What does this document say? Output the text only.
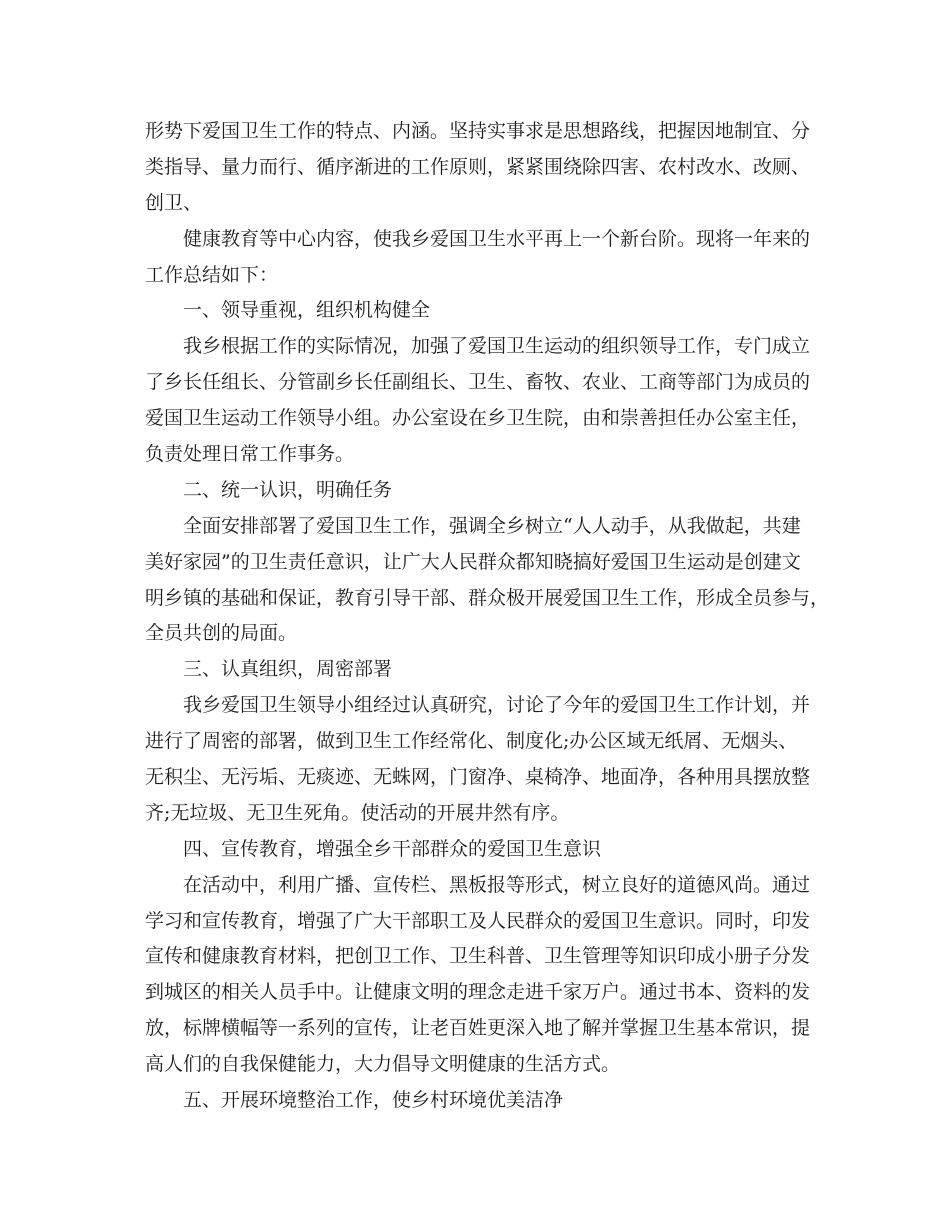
形势下爱国卫生工作的特点、内涵。坚持实事求是思想路线，把握因地制宜、分
类指导、量力而行、循序渐进的工作原则，紧紧围绕除四害、农村改水、改厕、
创卫、
健康教育等中心内容，使我乡爱国卫生水平再上一个新台阶。现将一年来的
工作总结如下：
一、领导重视，组织机构健全
我乡根据工作的实际情况，加强了爱国卫生运动的组织领导工作，专门成立
了乡长任组长、分管副乡长任副组长、卫生、畜牧、农业、工商等部门为成员的
爱国卫生运动工作领导小组。办公室设在乡卫生院，由和崇善担任办公室主任，
负责处理日常工作事务。
二、统一认识，明确任务
全面安排部署了爱国卫生工作，强调全乡树立“人人动手，从我做起，共建
美好家园”的卫生责任意识，让广大人民群众都知晓搞好爱国卫生运动是创建文
明乡镇的基础和保证，教育引导干部、群众极开展爱国卫生工作，形成全员参与，
全员共创的局面。
三、认真组织，周密部署
我乡爱国卫生领导小组经过认真研究，讨论了今年的爱国卫生工作计划，并
进行了周密的部署，做到卫生工作经常化、制度化;办公区域无纸屑、无烟头、
无积尘、无污垢、无痰迹、无蛛网，门窗净、桌椅净、地面净，各种用具摆放整
齐;无垃圾、无卫生死角。使活动的开展井然有序。
四、宣传教育，增强全乡干部群众的爱国卫生意识
在活动中，利用广播、宣传栏、黑板报等形式，树立良好的道德风尚。通过
学习和宣传教育，增强了广大干部职工及人民群众的爱国卫生意识。同时，印发
宣传和健康教育材料，把创卫工作、卫生科普、卫生管理等知识印成小册子分发
到城区的相关人员手中。让健康文明的理念走进千家万户。通过书本、资料的发
放，标牌横幅等一系列的宣传，让老百姓更深入地了解并掌握卫生基本常识，提
高人们的自我保健能力，大力倡导文明健康的生活方式。
五、开展环境整治工作，使乡村环境优美洁净
